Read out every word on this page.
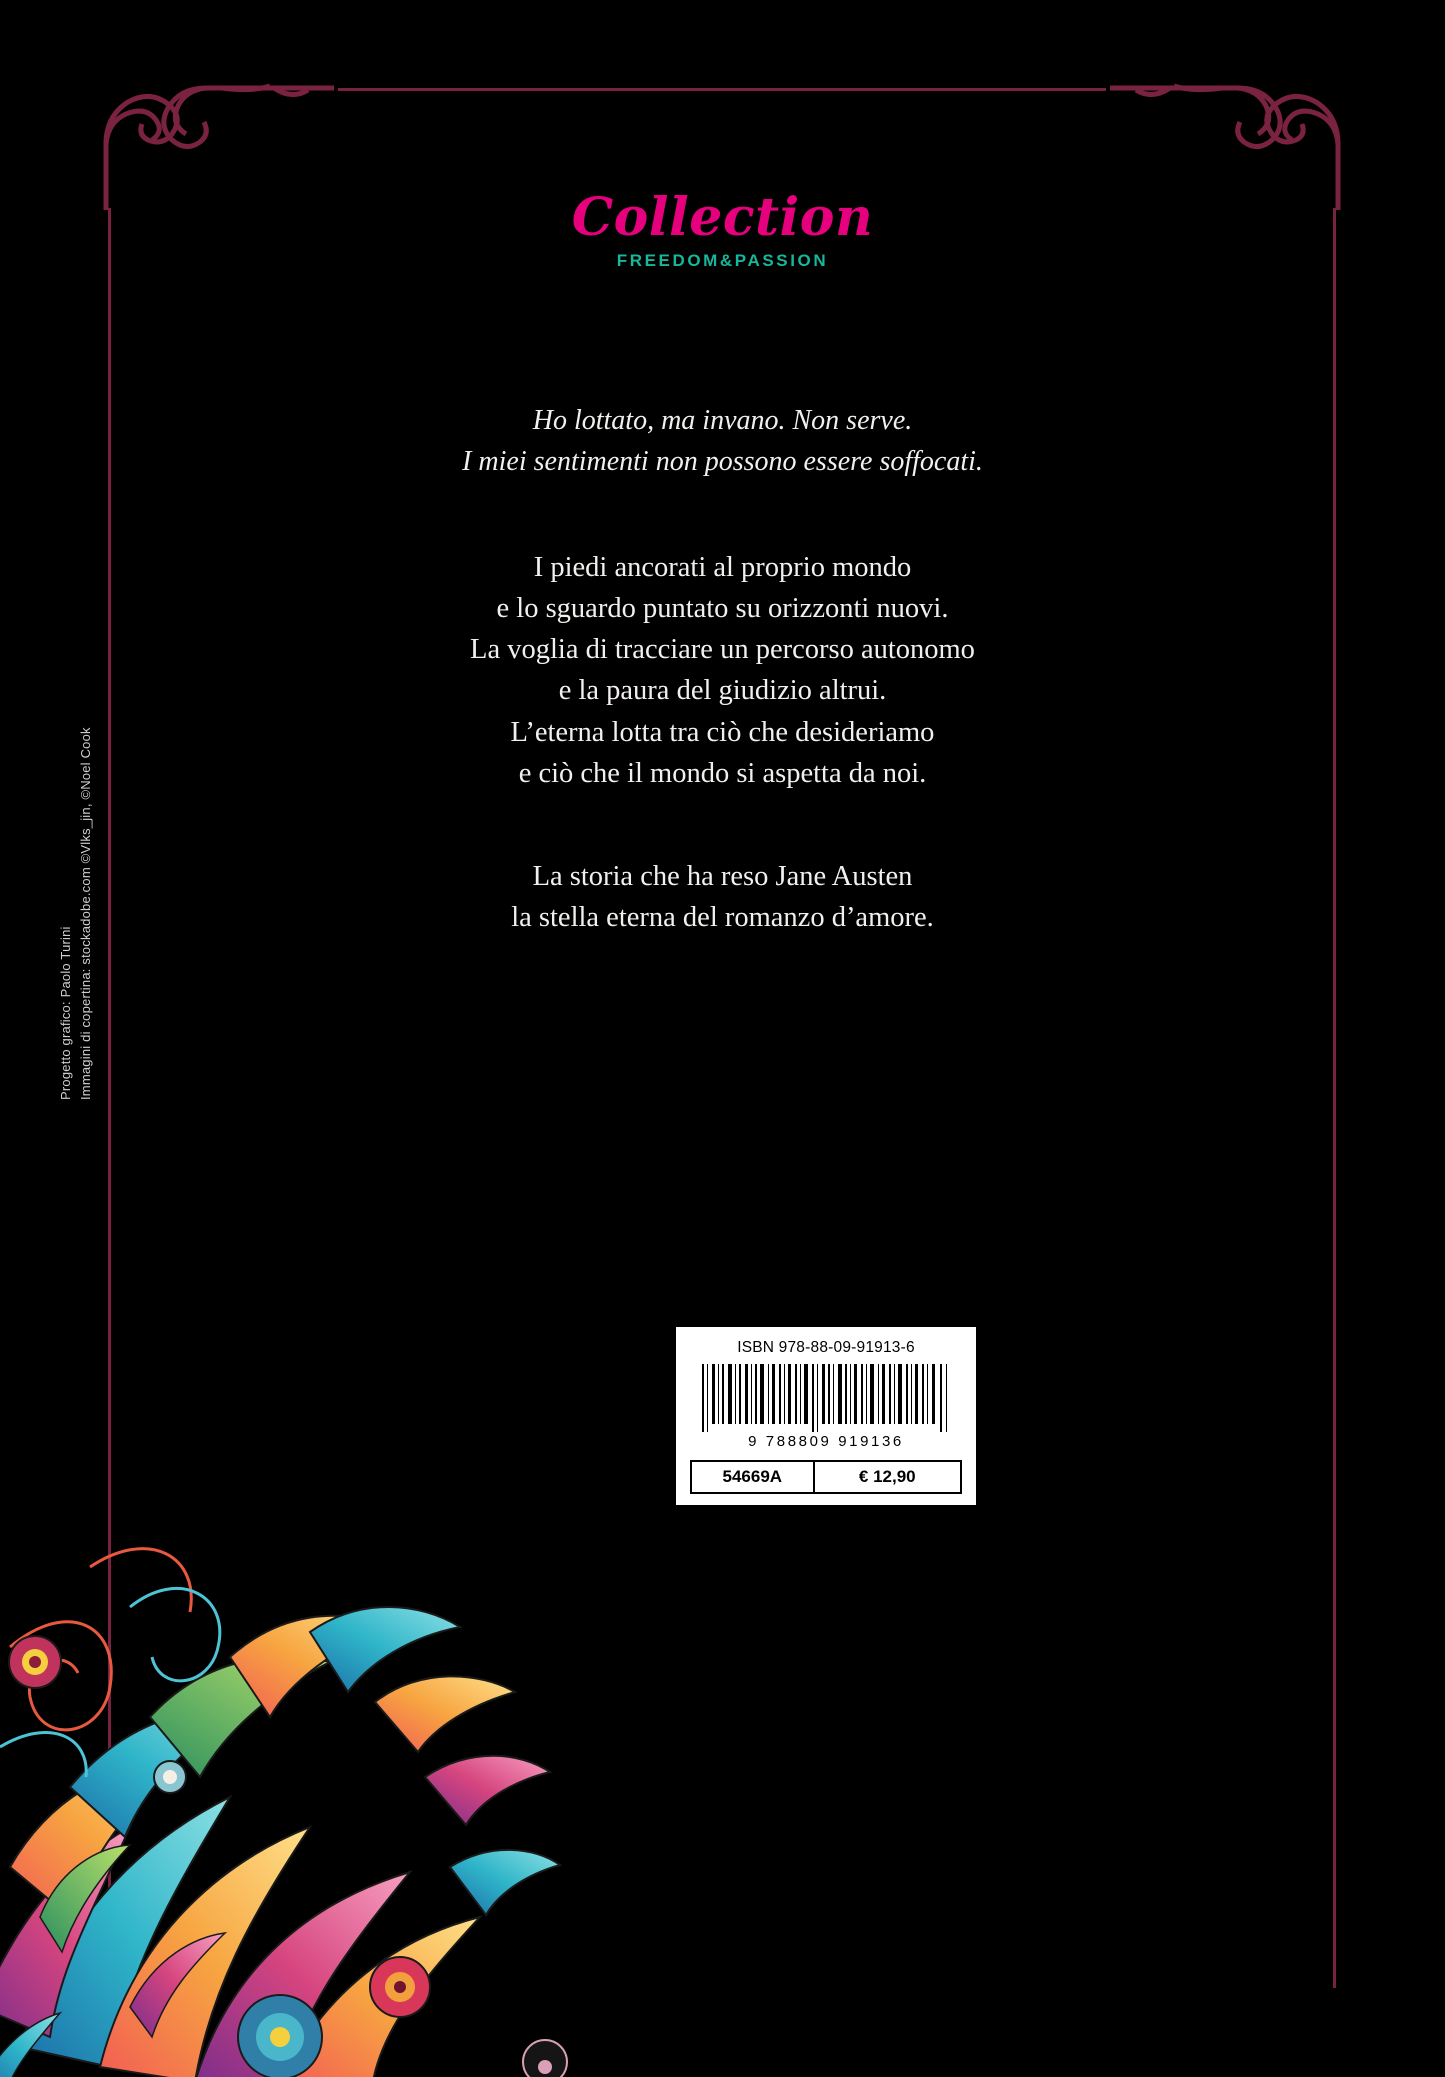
Collection
FREEDOM&PASSION

Ho lottato, ma invano. Non serve.

I miei sentimenti non possono essere soffocati.

I piedi ancorati al proprio mondo

e lo sguardo puntato su orizzonti nuovi.

La voglia di tracciare un percorso autonomo

e la paura del giudizio altrui.

L’eterna lotta tra ciò che desideriamo

e ciò che il mondo si aspetta da noi.

La storia che ha reso Jane Austen

la stella eterna del romanzo d’amore.

Progetto grafico: Paolo Turini Immagini di copertina: stockadobe.com ©Vlks_jin, ©Noel Cook
ISBN 978-88-09-91913-6
9 788809 919136
54669A	€ 12,90
